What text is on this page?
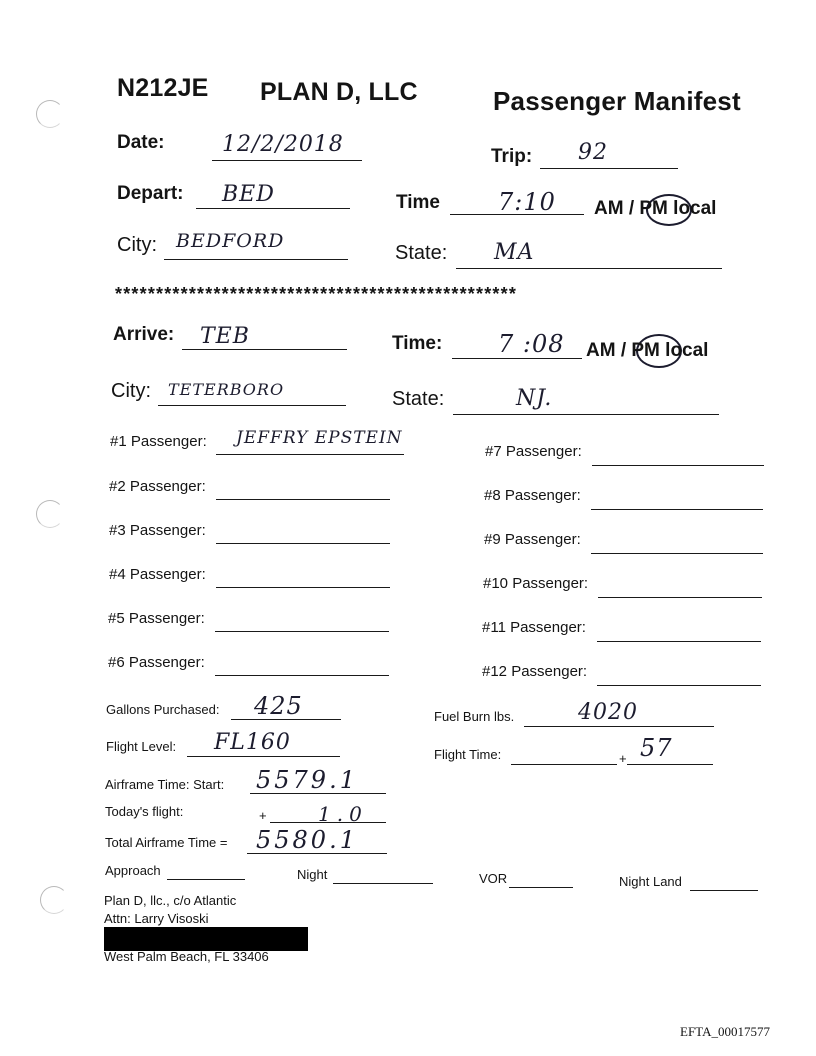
N212JE PLAN D, LLC	Passenger Manifest
Date:	12/2/2018	Trip: 92
Depart: BED	Time 7:10 AM / PM local
City: BEDFORD
State: MA
*************************************************
Arrive: TEB	Time: 7 :08 AM / PM local
City: TETERBORO	State:	NJ.
#1 Passenger: JEFFRY EPSTEIN
#2 Passenger:
#3 Passenger:
#4 Passenger:
#5 Passenger:
#6 Passenger:
#7 Passenger:
#8 Passenger:
#9 Passenger:
#10 Passenger:
#11 Passenger:
#12 Passenger:
Gallons Purchased: 425	Fuel Burn lbs.	4020
Flight Level: FL160	Flight Time:	+ 57
Airframe Time: Start: 5579.1
Today's flight:	+	1.0
Total Airframe Time = 5580.1
Approach	Night	VOR	Night Land
Plan D, llc., c/o Atlantic
Attn: Larry Visoski
West Palm Beach, FL 33406
EFTA_00017577
